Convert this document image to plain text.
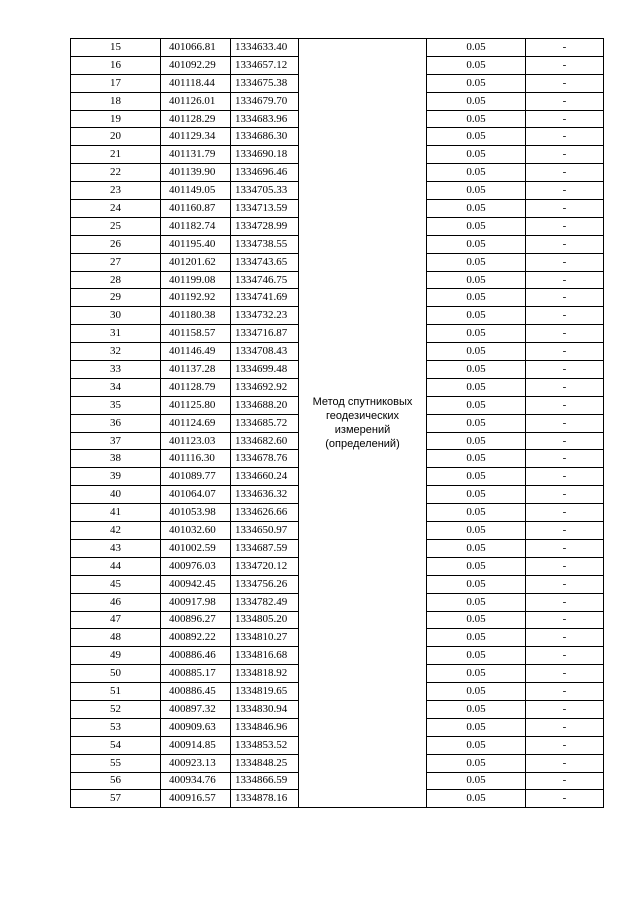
15	401066.81	1334633.40	Метод спутниковых геодезических измерений (определений)	0.05	-
16	401092.29	1334657.12		0.05	-
17	401118.44	1334675.38		0.05	-
18	401126.01	1334679.70		0.05	-
19	401128.29	1334683.96		0.05	-
20	401129.34	1334686.30		0.05	-
21	401131.79	1334690.18		0.05	-
22	401139.90	1334696.46		0.05	-
23	401149.05	1334705.33		0.05	-
24	401160.87	1334713.59		0.05	-
25	401182.74	1334728.99		0.05	-
26	401195.40	1334738.55		0.05	-
27	401201.62	1334743.65		0.05	-
28	401199.08	1334746.75		0.05	-
29	401192.92	1334741.69		0.05	-
30	401180.38	1334732.23		0.05	-
31	401158.57	1334716.87		0.05	-
32	401146.49	1334708.43		0.05	-
33	401137.28	1334699.48		0.05	-
34	401128.79	1334692.92		0.05	-
35	401125.80	1334688.20		0.05	-
36	401124.69	1334685.72		0.05	-
37	401123.03	1334682.60		0.05	-
38	401116.30	1334678.76		0.05	-
39	401089.77	1334660.24		0.05	-
40	401064.07	1334636.32		0.05	-
41	401053.98	1334626.66		0.05	-
42	401032.60	1334650.97		0.05	-
43	401002.59	1334687.59		0.05	-
44	400976.03	1334720.12		0.05	-
45	400942.45	1334756.26		0.05	-
46	400917.98	1334782.49		0.05	-
47	400896.27	1334805.20		0.05	-
48	400892.22	1334810.27		0.05	-
49	400886.46	1334816.68		0.05	-
50	400885.17	1334818.92		0.05	-
51	400886.45	1334819.65		0.05	-
52	400897.32	1334830.94		0.05	-
53	400909.63	1334846.96		0.05	-
54	400914.85	1334853.52		0.05	-
55	400923.13	1334848.25		0.05	-
56	400934.76	1334866.59		0.05	-
57	400916.57	1334878.16		0.05	-
